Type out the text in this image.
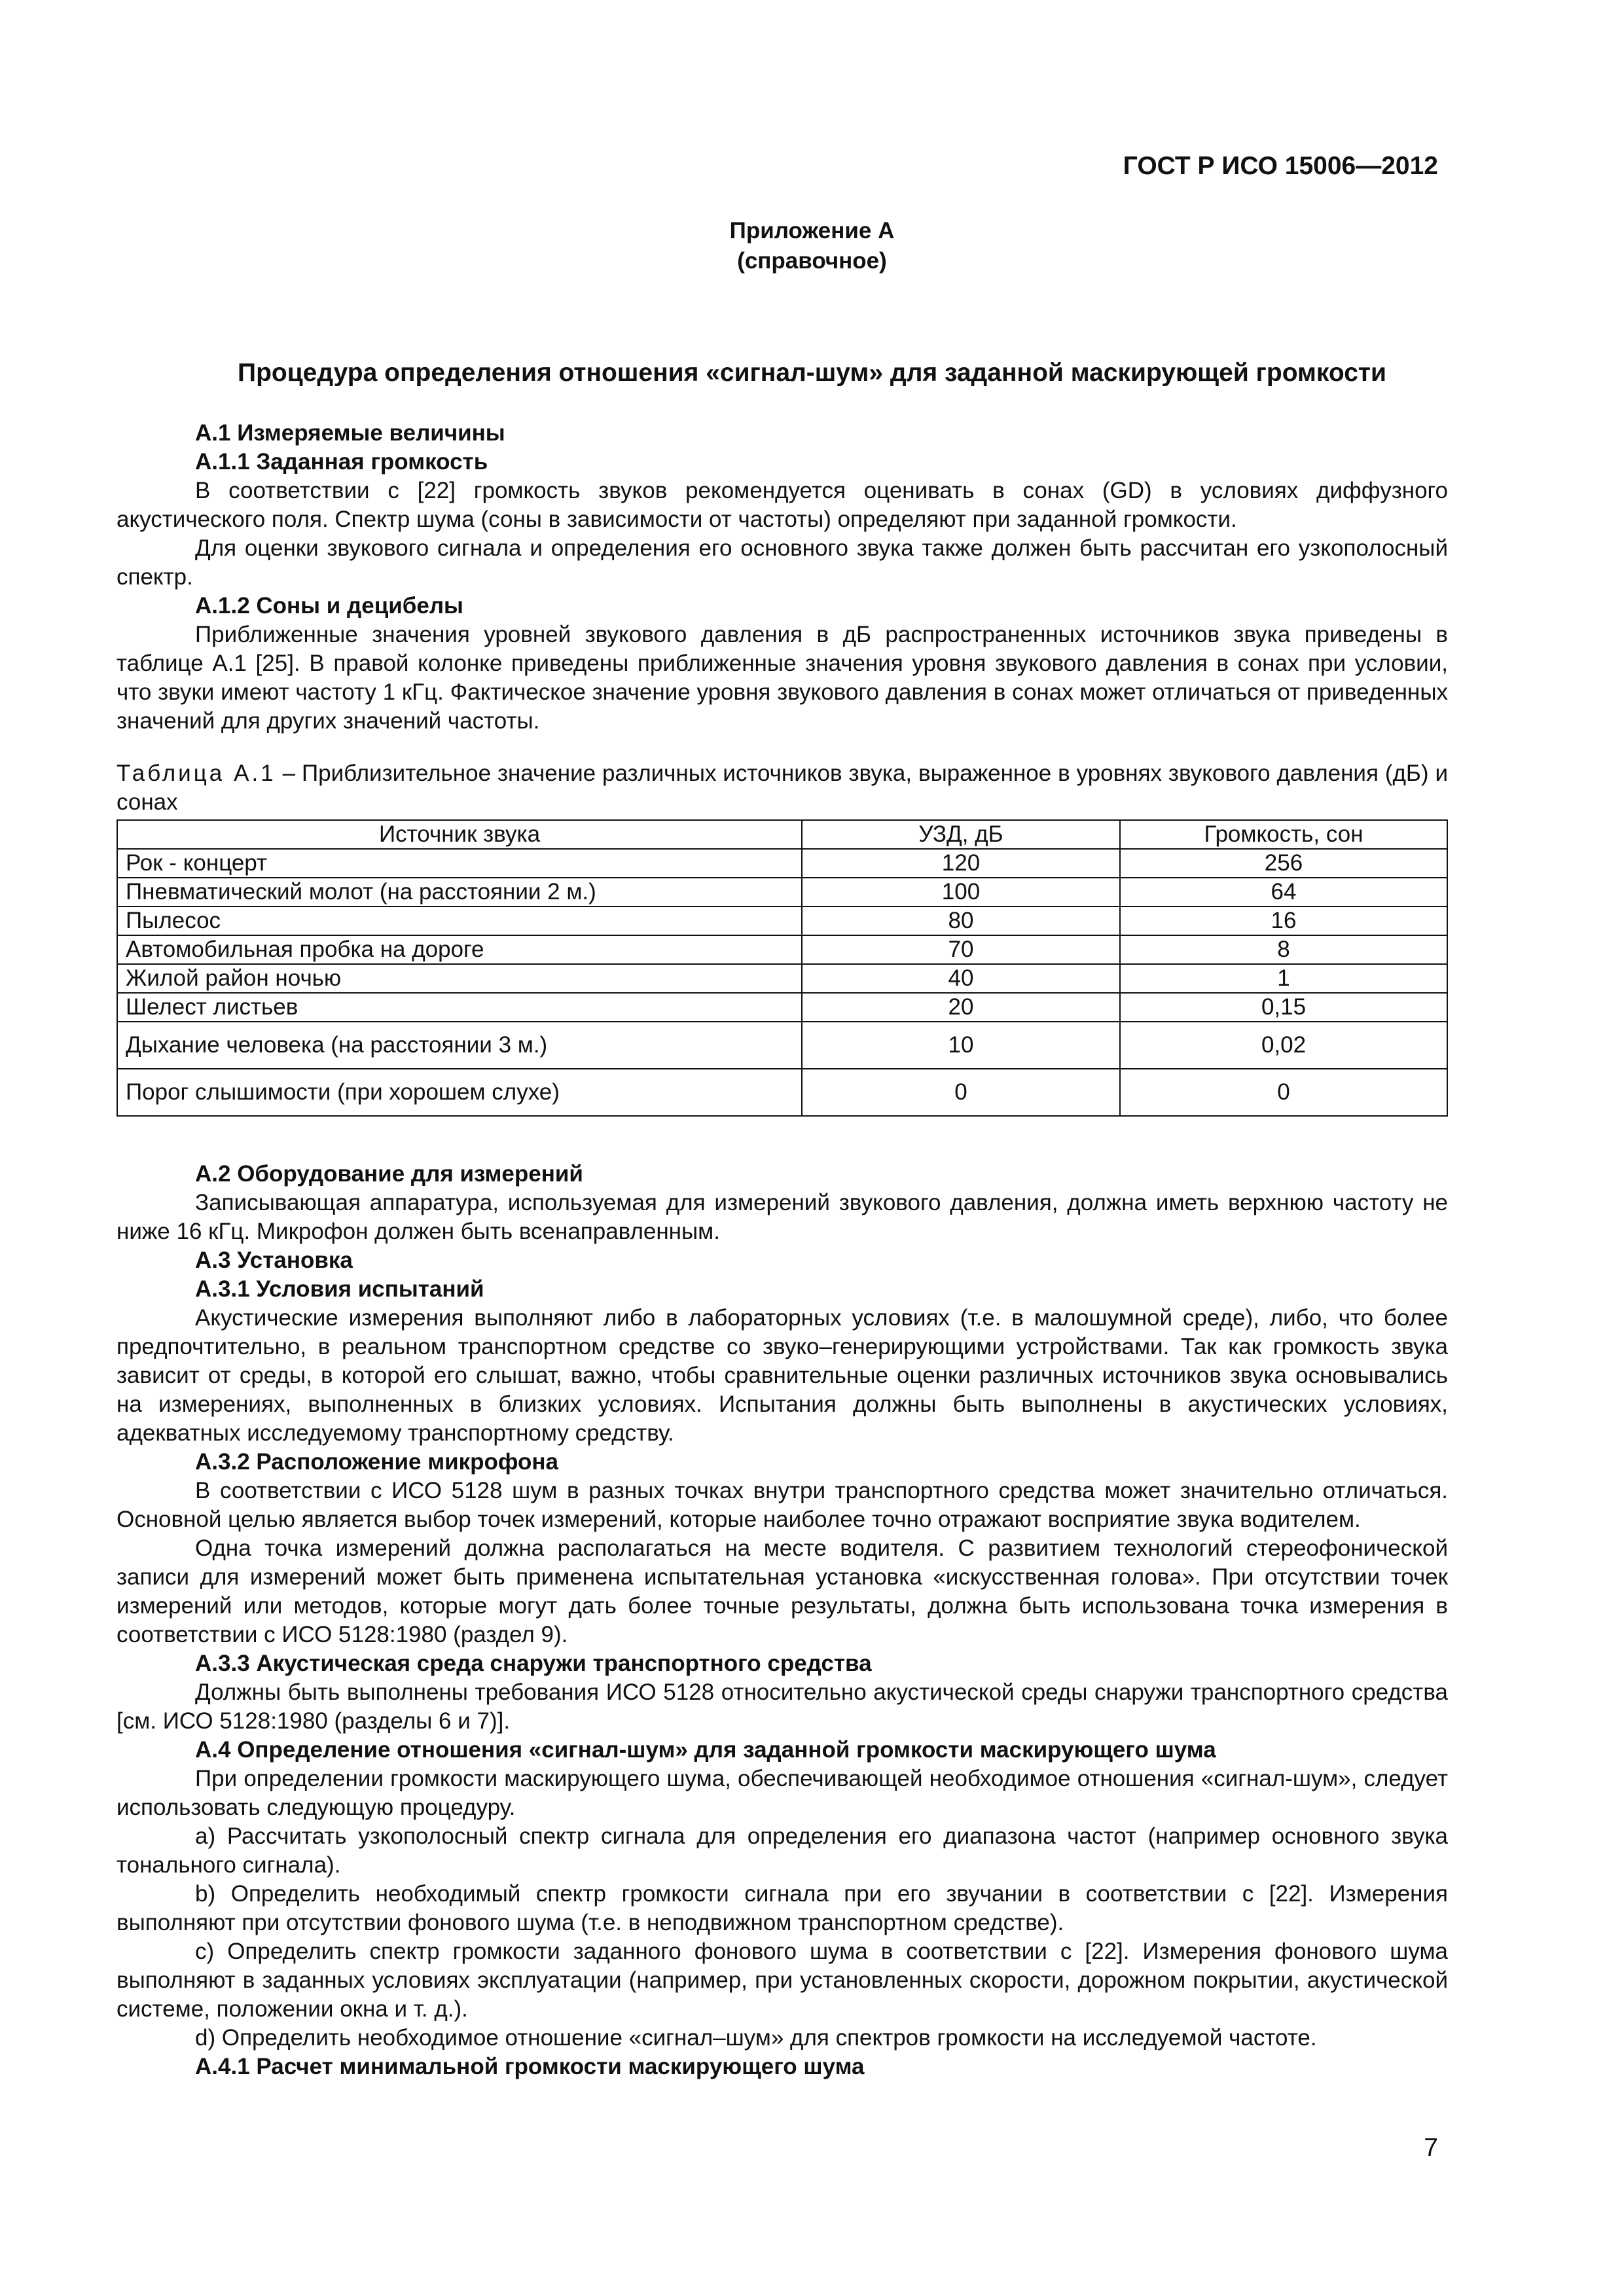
ГОСТ Р ИСО 15006—2012
Приложение А
(справочное)
Процедура определения отношения «сигнал-шум» для заданной маскирующей громкости

А.1 Измеряемые величины

А.1.1 Заданная громкость

В соответствии с [22] громкость звуков рекомендуется оценивать в сонах (GD) в условиях диффузного акустического поля. Спектр шума (соны в зависимости от частоты) определяют при заданной громкости.

Для оценки звукового сигнала и определения его основного звука также должен быть рассчитан его узкополосный спектр.

А.1.2 Соны и децибелы

Приближенные значения уровней звукового давления в дБ распространенных источников звука приведены в таблице А.1 [25]. В правой колонке приведены приближенные значения уровня звукового давления в сонах при условии, что звуки имеют частоту 1 кГц. Фактическое значение уровня звукового давления в сонах может отличаться от приведенных значений для других значений частоты.

Таблица А.1 – Приблизительное значение различных источников звука, выраженное в уровнях звукового давления (дБ) и сонах
Источник звука	УЗД, дБ	Громкость, сон
Рок - концерт	120	256
Пневматический молот (на расстоянии 2 м.)	100	64
Пылесос	80	16
Автомобильная пробка на дороге	70	8
Жилой район ночью	40	1
Шелест листьев	20	0,15
Дыхание человека (на расстоянии 3 м.)	10	0,02
Порог слышимости (при хорошем слухе)	0	0

А.2 Оборудование для измерений

Записывающая аппаратура, используемая для измерений звукового давления, должна иметь верхнюю частоту не ниже 16 кГц. Микрофон должен быть всенаправленным.

А.3 Установка

А.3.1 Условия испытаний

Акустические измерения выполняют либо в лабораторных условиях (т.е. в малошумной среде), либо, что более предпочтительно, в реальном транспортном средстве со звуко–генерирующими устройствами. Так как громкость звука зависит от среды, в которой его слышат, важно, чтобы сравнительные оценки различных источников звука основывались на измерениях, выполненных в близких условиях. Испытания должны быть выполнены в акустических условиях, адекватных исследуемому транспортному средству.

А.3.2 Расположение микрофона

В соответствии с ИСО 5128 шум в разных точках внутри транспортного средства может значительно отличаться. Основной целью является выбор точек измерений, которые наиболее точно отражают восприятие звука водителем.

Одна точка измерений должна располагаться на месте водителя. С развитием технологий стереофонической записи для измерений может быть применена испытательная установка «искусственная голова». При отсутствии точек измерений или методов, которые могут дать более точные результаты, должна быть использована точка измерения в соответствии с ИСО 5128:1980 (раздел 9).

А.3.3 Акустическая среда снаружи транспортного средства

Должны быть выполнены требования ИСО 5128 относительно акустической среды снаружи транспортного средства [см. ИСО 5128:1980 (разделы 6 и 7)].

А.4 Определение отношения «сигнал-шум» для заданной громкости маскирующего шума

При определении громкости маскирующего шума, обеспечивающей необходимое отношения «сигнал-шум», следует использовать следующую процедуру.

а) Рассчитать узкополосный спектр сигнала для определения его диапазона частот (например основного звука тонального сигнала).

b) Определить необходимый спектр громкости сигнала при его звучании в соответствии с [22]. Измерения выполняют при отсутствии фонового шума (т.е. в неподвижном транспортном средстве).

с) Определить спектр громкости заданного фонового шума в соответствии с [22]. Измерения фонового шума выполняют в заданных условиях эксплуатации (например, при установленных скорости, дорожном покрытии, акустической системе, положении окна и т. д.).

d) Определить необходимое отношение «сигнал–шум» для спектров громкости на исследуемой частоте.

А.4.1 Расчет минимальной громкости маскирующего шума

7
